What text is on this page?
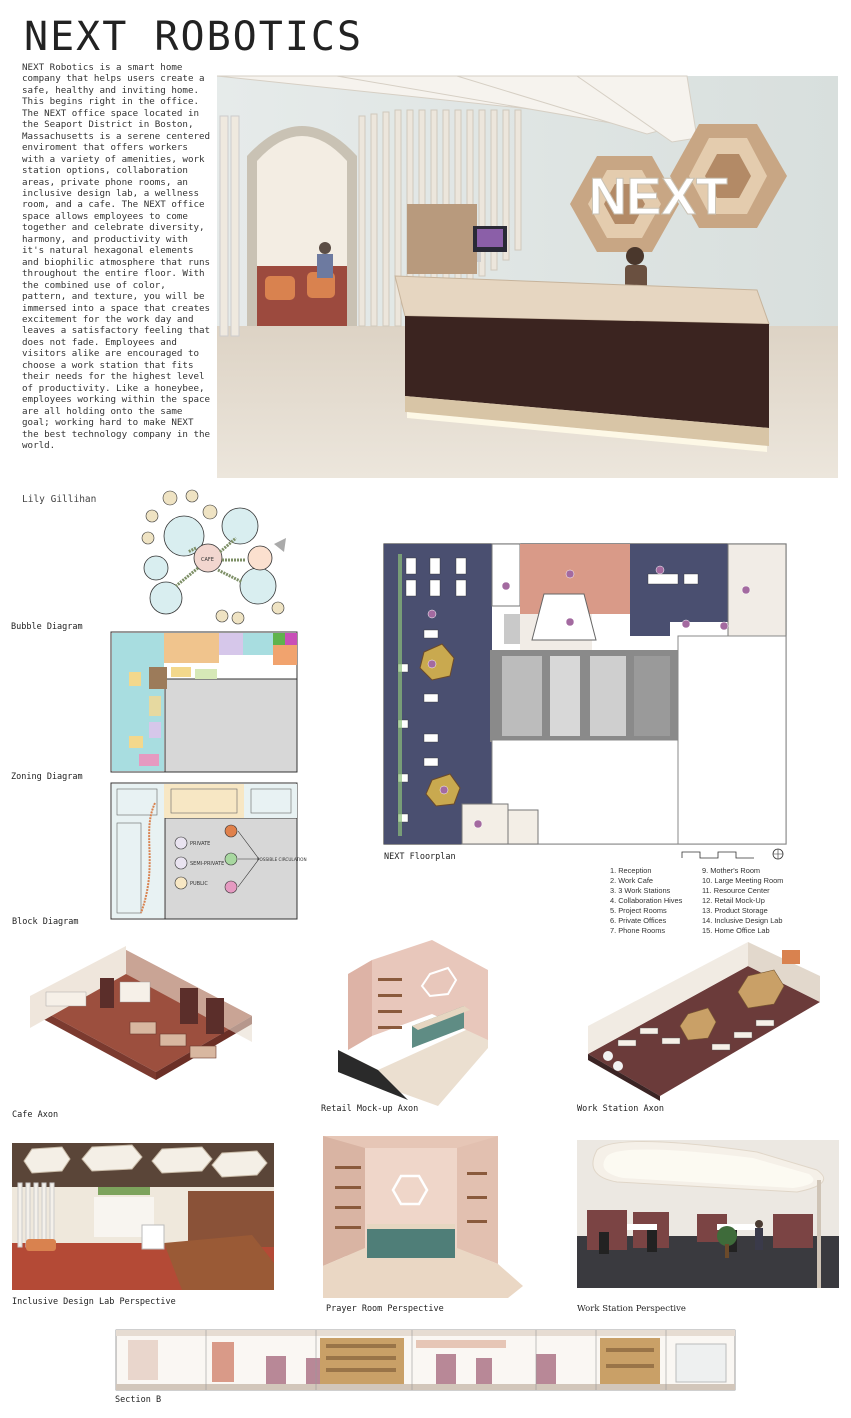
NEXT ROBOTICS
NEXT Robotics is a smart home company that helps users create a safe, healthy and inviting home. This begins right in the office. The NEXT office space located in the Seaport District in Boston, Massachusetts is a serene centered enviroment that offers workers with a variety of amenities, work station options, collaboration areas, private phone rooms, an inclusive design lab, a wellness room, and a cafe. The NEXT office space allows employees to come together and celebrate diversity, harmony, and productivity with it's natural hexagonal elements and biophilic atmosphere that runs throughout the entire floor. With the combined use of color, pattern, and texture, you will be immersed into a space that creates excitement for the work day and leaves a satisfactory feeling that does not fade. Employees and visitors alike are encouraged to choose a work station that fits their needs for the highest level of productivity. Like a honeybee, employees working within the space are all holding onto the same goal; working hard to make NEXT the best technology company in the world.
Lily Gillihan
NEXT
CAFE
Bubble Diagram
Zoning Diagram
PRIVATE
SEMI-PRIVATE
PUBLIC
POSSIBLE CIRCULATION
Block Diagram
NEXT Floorplan
1. Reception
2. Work Cafe
3. 3 Work Stations
4. Collaboration Hives
5. Project Rooms
6. Private Offices
7. Phone Rooms
9. Mother's Room
10. Large Meeting Room
11. Resource Center
12. Retail Mock-Up
13. Product Storage
14. Inclusive Design Lab
15. Home Office Lab
Cafe Axon
Retail Mock-up Axon	Work Station Axon
Inclusive Design Lab Perspective
Prayer Room Perspective	Work Station Perspective
Section B
